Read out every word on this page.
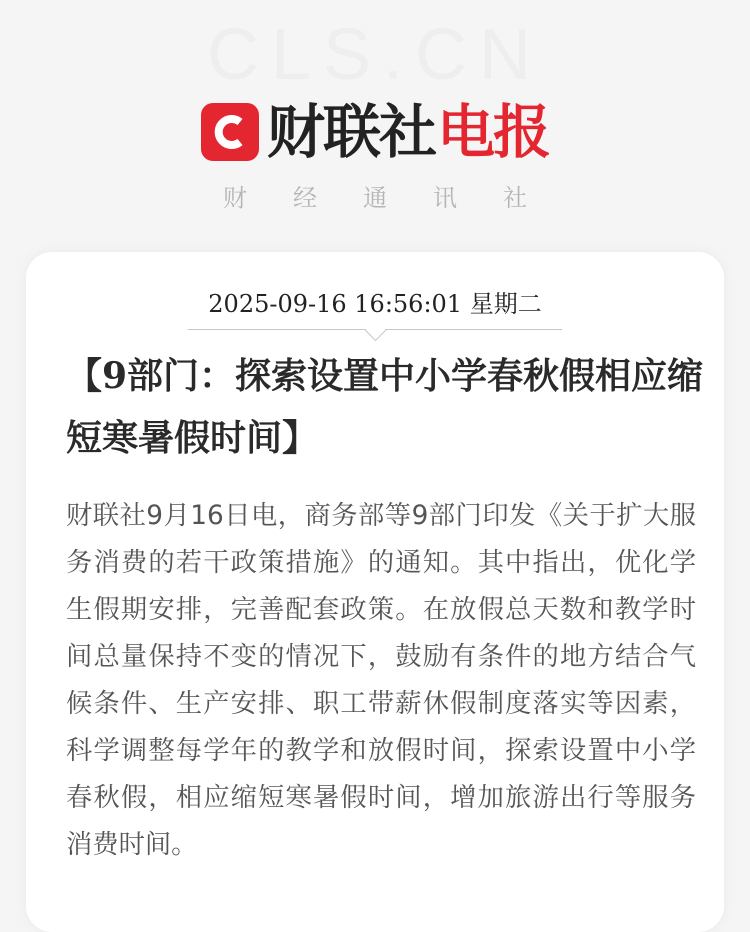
CLS.CN
财联社电报
财经通讯社
2025-09-16 16:56:01 星期二
【9部门：探索设置中小学春秋假相应缩短寒暑假时间】

财联社9月16日电，商务部等9部门印发《关于扩大服务消费的若干政策措施》的通知。其中指出，优化学生假期安排，完善配套政策。在放假总天数和教学时间总量保持不变的情况下，鼓励有条件的地方结合气候条件、生产安排、职工带薪休假制度落实等因素，科学调整每学年的教学和放假时间，探索设置中小学春秋假，相应缩短寒暑假时间，增加旅游出行等服务消费时间。
